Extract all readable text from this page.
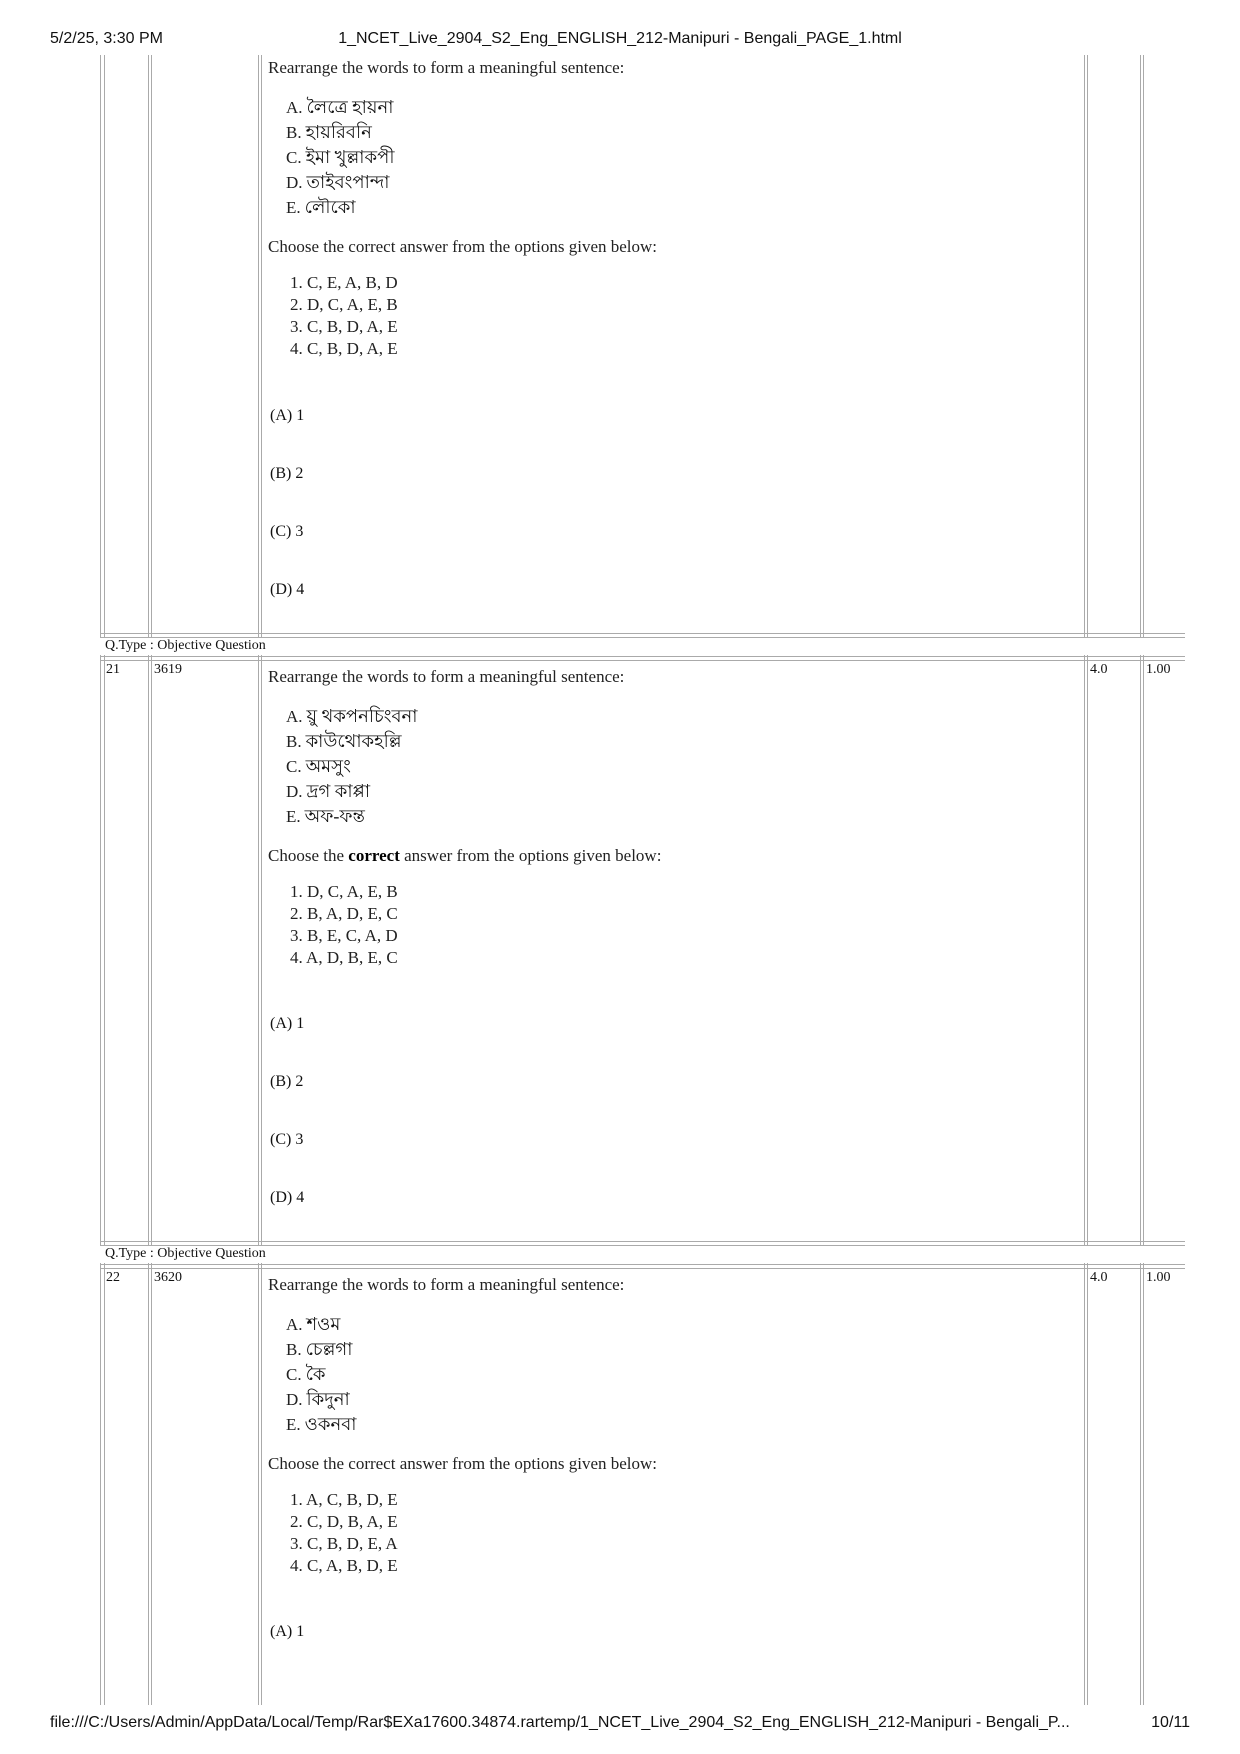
5/2/25, 3:30 PM	1_NCET_Live_2904_S2_Eng_ENGLISH_212-Manipuri - Bengali_PAGE_1.html

Rearrange the words to form a meaningful sentence:

A. লৈত্রে হায়না
B. হায়রিবনি
C. ইমা খুল্লাকপী
D. তাইবংপান্দা
E. লৌকো

Choose the correct answer from the options given below:

1. C, E, A, B, D
2. D, C, A, E, B
3. C, B, D, A, E
4. C, B, D, A, E
(A) 1
(B) 2
(C) 3
(D) 4
Q.Type : Objective Question
21 3619	4.0	1.00

Rearrange the words to form a meaningful sentence:

A. য়ু থকপনচিংবনা
B. কাউথোকহল্লি
C. অমসুং
D. দ্রগ কাপ্পা
E. অফ-ফন্ত

Choose the correct answer from the options given below:

1. D, C, A, E, B
2. B, A, D, E, C
3. B, E, C, A, D
4. A, D, B, E, C
(A) 1
(B) 2
(C) 3
(D) 4
Q.Type : Objective Question
22 3620	4.0	1.00

Rearrange the words to form a meaningful sentence:

A. শওম
B. চেল্লগা
C. কৈ
D. কিদুনা
E. ওকনবা

Choose the correct answer from the options given below:

1. A, C, B, D, E
2. C, D, B, A, E
3. C, B, D, E, A
4. C, A, B, D, E
(A) 1
file:///C:/Users/Admin/AppData/Local/Temp/Rar$EXa17600.34874.rartemp/1_NCET_Live_2904_S2_Eng_ENGLISH_212-Manipuri - Bengali_P...	10/11
